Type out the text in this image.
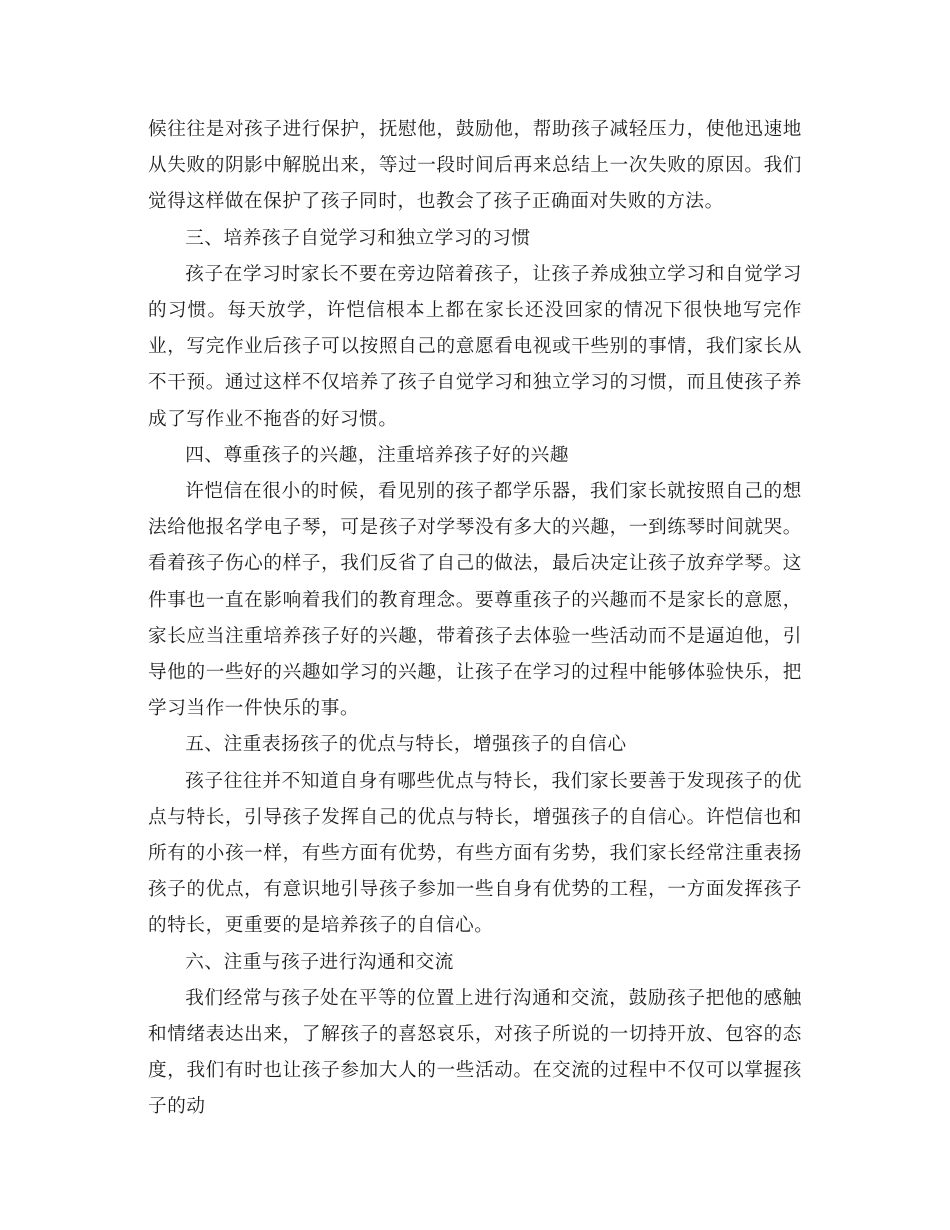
候往往是对孩子进行保护，抚慰他，鼓励他，帮助孩子减轻压力，使他迅速地从失败的阴影中解脱出来，等过一段时间后再来总结上一次失败的原因。我们觉得这样做在保护了孩子同时，也教会了孩子正确面对失败的方法。

三、培养孩子自觉学习和独立学习的习惯

孩子在学习时家长不要在旁边陪着孩子，让孩子养成独立学习和自觉学习的习惯。每天放学，许恺信根本上都在家长还没回家的情况下很快地写完作业，写完作业后孩子可以按照自己的意愿看电视或干些别的事情，我们家长从不干预。通过这样不仅培养了孩子自觉学习和独立学习的习惯，而且使孩子养成了写作业不拖沓的好习惯。

四、尊重孩子的兴趣，注重培养孩子好的兴趣

许恺信在很小的时候，看见别的孩子都学乐器，我们家长就按照自己的想法给他报名学电子琴，可是孩子对学琴没有多大的兴趣，一到练琴时间就哭。看着孩子伤心的样子，我们反省了自己的做法，最后决定让孩子放弃学琴。这件事也一直在影响着我们的教育理念。要尊重孩子的兴趣而不是家长的意愿，家长应当注重培养孩子好的兴趣，带着孩子去体验一些活动而不是逼迫他，引导他的一些好的兴趣如学习的兴趣，让孩子在学习的过程中能够体验快乐，把学习当作一件快乐的事。

五、注重表扬孩子的优点与特长，增强孩子的自信心

孩子往往并不知道自身有哪些优点与特长，我们家长要善于发现孩子的优点与特长，引导孩子发挥自己的优点与特长，增强孩子的自信心。许恺信也和所有的小孩一样，有些方面有优势，有些方面有劣势，我们家长经常注重表扬孩子的优点，有意识地引导孩子参加一些自身有优势的工程，一方面发挥孩子的特长，更重要的是培养孩子的自信心。

六、注重与孩子进行沟通和交流

我们经常与孩子处在平等的位置上进行沟通和交流，鼓励孩子把他的感触和情绪表达出来，了解孩子的喜怒哀乐，对孩子所说的一切持开放、包容的态度，我们有时也让孩子参加大人的一些活动。在交流的过程中不仅可以掌握孩子的动
